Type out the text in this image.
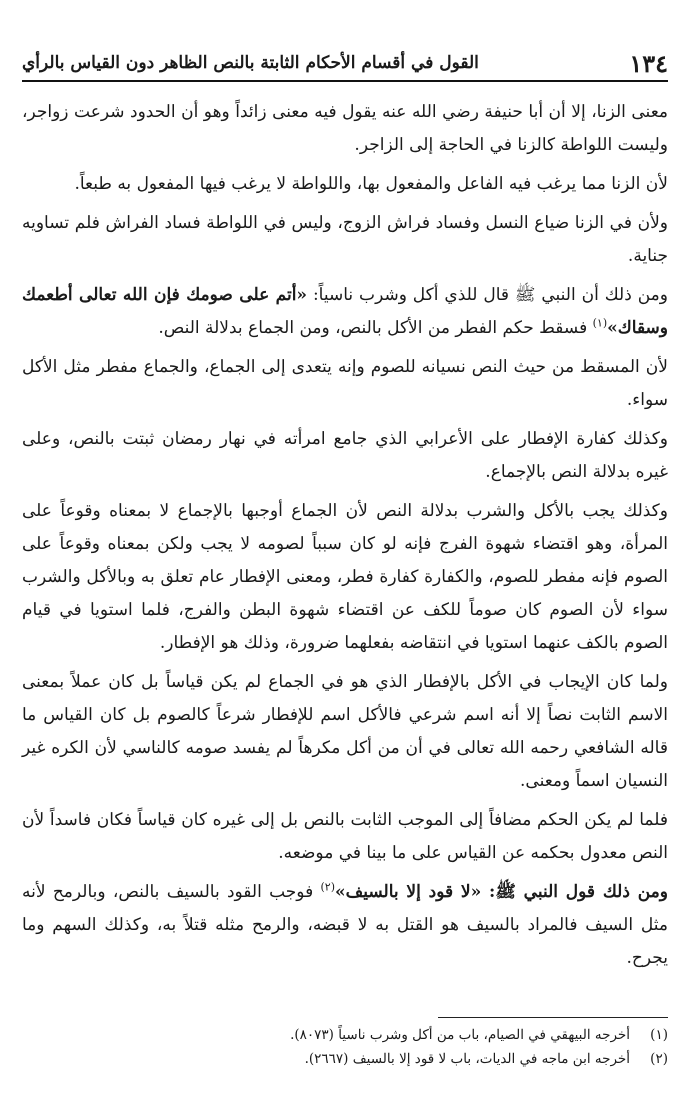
١٣٤
القول في أقسام الأحكام الثابتة بالنص الظاهر دون القياس بالرأي

معنى الزنا، إلا أن أبا حنيفة رضي الله عنه يقول فيه معنى زائداً وهو أن الحدود شرعت زواجر، وليست اللواطة كالزنا في الحاجة إلى الزاجر.

لأن الزنا مما يرغب فيه الفاعل والمفعول بها، واللواطة لا يرغب فيها المفعول به طبعاً.

ولأن في الزنا ضياع النسل وفساد فراش الزوج، وليس في اللواطة فساد الفراش فلم تساويه جناية.

ومن ذلك أن النبي ﷺ قال للذي أكل وشرب ناسياً: «أتم على صومك فإن الله تعالى أطعمك وسقاك»$^{(١)}$ فسقط حكم الفطر من الأكل بالنص، ومن الجماع بدلالة النص.

لأن المسقط من حيث النص نسيانه للصوم وإنه يتعدى إلى الجماع، والجماع مفطر مثل الأكل سواء.

وكذلك كفارة الإفطار على الأعرابي الذي جامع امرأته في نهار رمضان ثبتت بالنص، وعلى غيره بدلالة النص بالإجماع.

وكذلك يجب بالأكل والشرب بدلالة النص لأن الجماع أوجبها بالإجماع لا بمعناه وقوعاً على المرأة، وهو اقتضاء شهوة الفرج فإنه لو كان سبباً لصومه لا يجب ولكن بمعناه وقوعاً على الصوم فإنه مفطر للصوم، والكفارة كفارة فطر، ومعنى الإفطار عام تعلق به وبالأكل والشرب سواء لأن الصوم كان صوماً للكف عن اقتضاء شهوة البطن والفرج، فلما استويا في قيام الصوم بالكف عنهما استويا في انتقاضه بفعلهما ضرورة، وذلك هو الإفطار.

ولما كان الإيجاب في الأكل بالإفطار الذي هو في الجماع لم يكن قياساً بل كان عملاً بمعنى الاسم الثابت نصاً إلا أنه اسم شرعي فالأكل اسم للإفطار شرعاً كالصوم بل كان القياس ما قاله الشافعي رحمه الله تعالى في أن من أكل مكرهاً لم يفسد صومه كالناسي لأن الكره غير النسيان اسماً ومعنى.

فلما لم يكن الحكم مضافاً إلى الموجب الثابت بالنص بل إلى غيره كان قياساً فكان فاسداً لأن النص معدول بحكمه عن القياس على ما بينا في موضعه.

ومن ذلك قول النبي ﷺ: «لا قود إلا بالسيف»$^{(٢)}$ فوجب القود بالسيف بالنص، وبالرمح لأنه مثل السيف فالمراد بالسيف هو القتل به لا قبضه، والرمح مثله قتلاً به، وكذلك السهم وما يجرح.

(١)
أخرجه البيهقي في الصيام، باب من أكل وشرب ناسياً (٨٠٧٣).
(٢)
أخرجه ابن ماجه في الديات، باب لا قود إلا بالسيف (٢٦٦٧).
